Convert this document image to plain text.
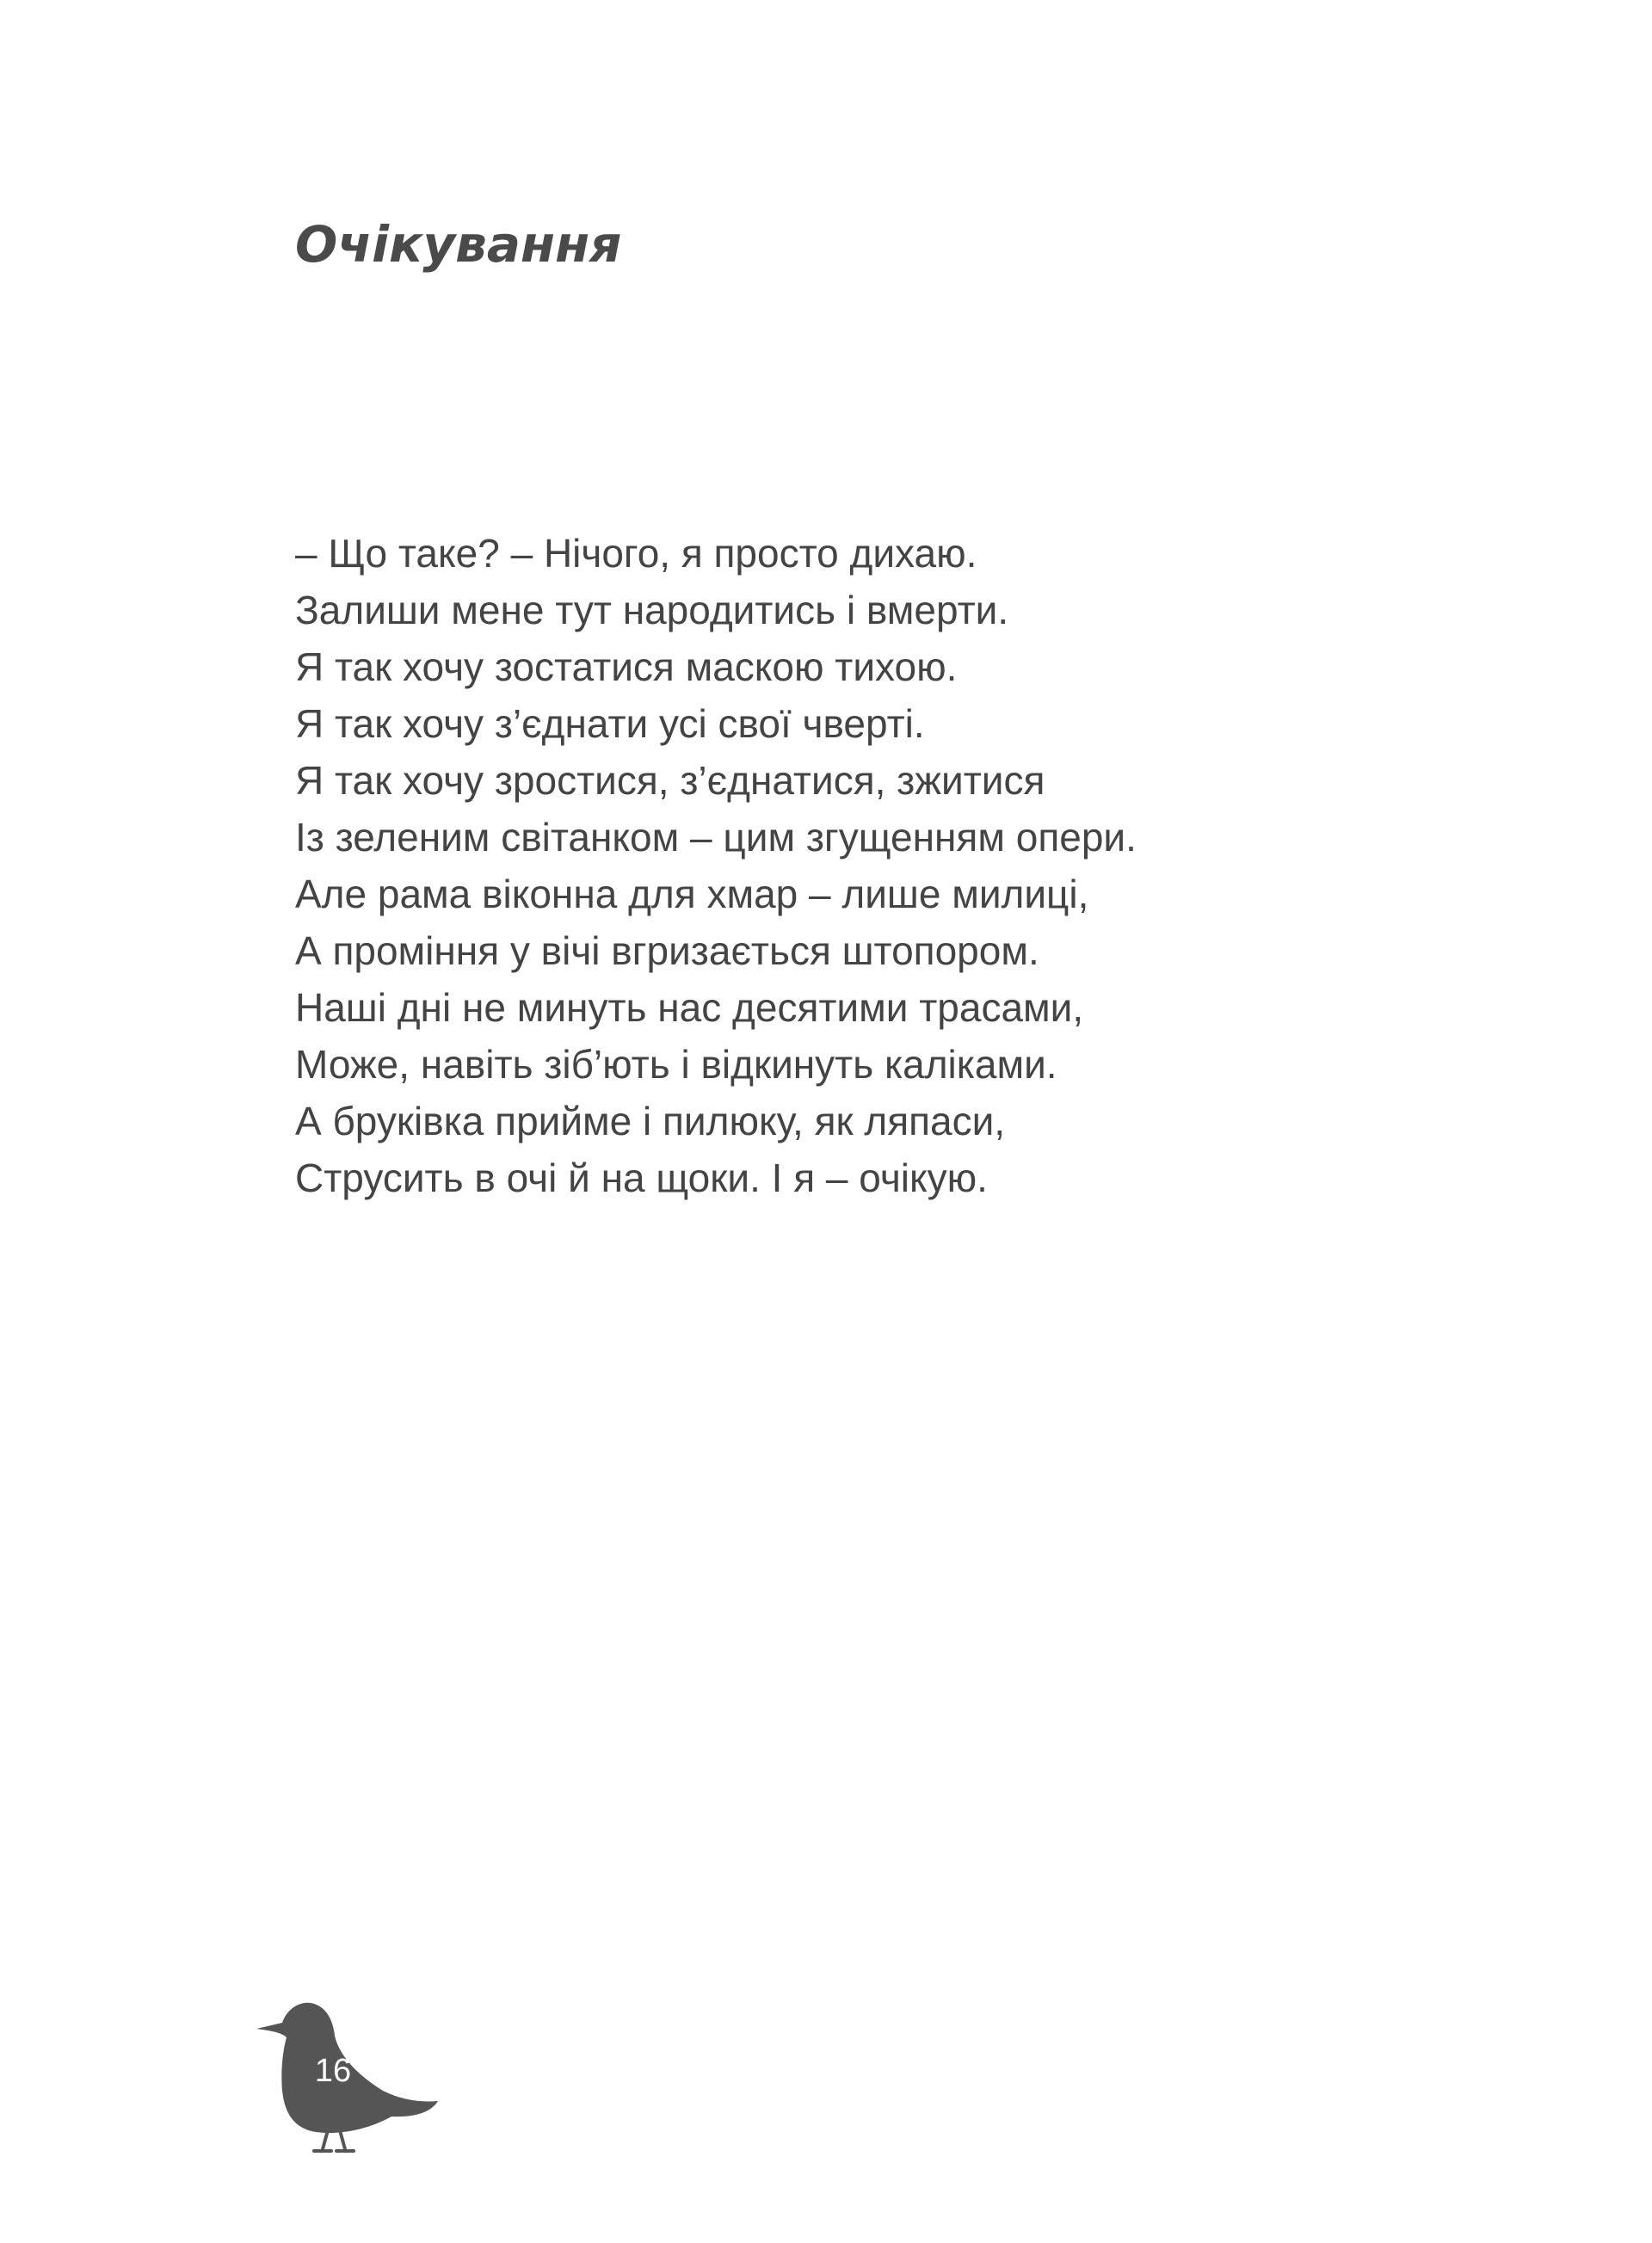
Очікування
– Що таке? – Нічого, я просто дихаю.
Залиши мене тут народитись і вмерти.
Я так хочу зостатися маскою тихою.
Я так хочу з’єднати усі свої чверті.
Я так хочу зростися, з’єднатися, зжитися
Із зеленим світанком – цим згущенням опери.
Але рама віконна для хмар – лише милиці,
А проміння у вічі вгризається штопором.
Наші дні не минуть нас десятими трасами,
Може, навіть зіб’ють і відкинуть каліками.
А бруківка прийме і пилюку, як ляпаси,
Струсить в очі й на щоки. І я – очікую.
16
